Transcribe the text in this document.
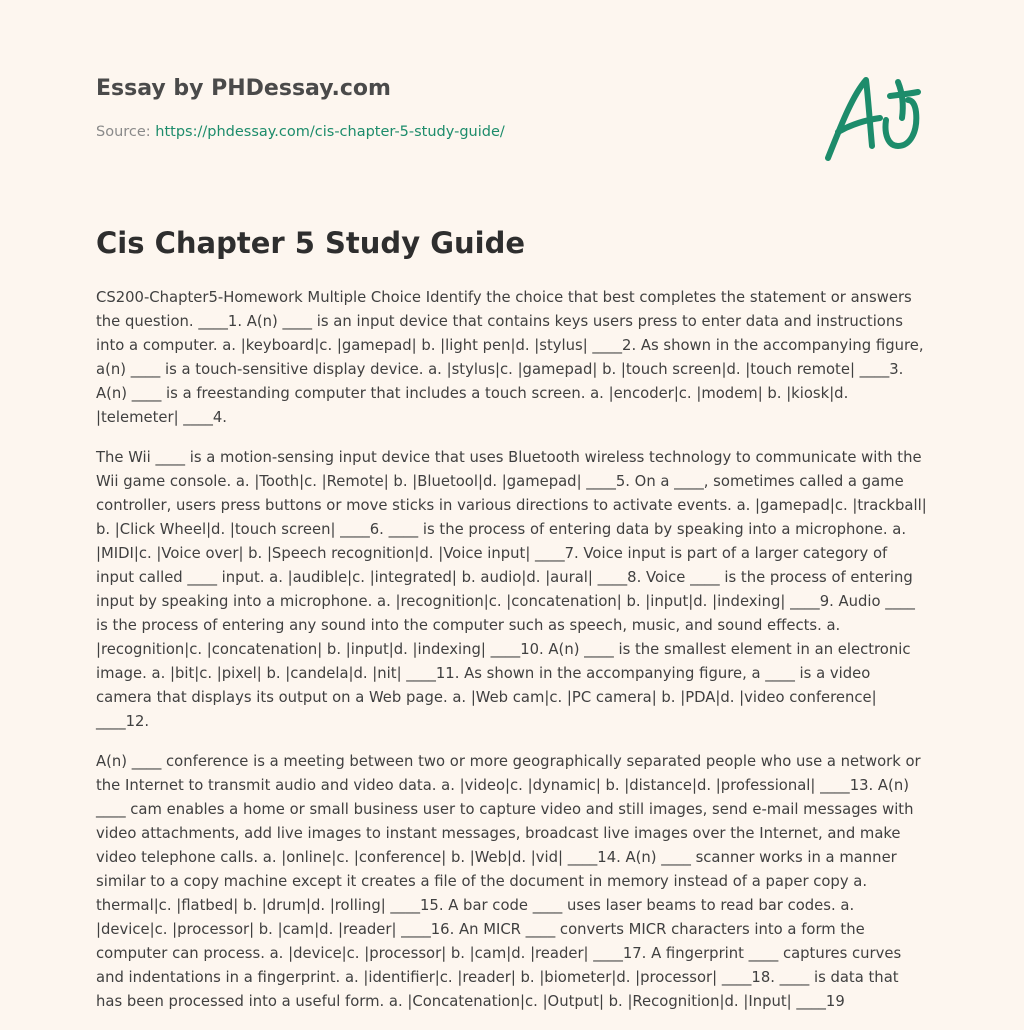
Essay by PHDessay.com
Source: https://phdessay.com/cis-chapter-5-study-guide/
Cis Chapter 5 Study Guide

CS200-Chapter5-Homework Multiple Choice Identify the choice that best completes the statement or answers the question. ____1. A(n) ____ is an input device that contains keys users press to enter data and instructions into a computer. a. |keyboard|c. |gamepad| b. |light pen|d. |stylus| ____2. As shown in the accompanying figure, a(n) ____ is a touch-sensitive display device. a. |stylus|c. |gamepad| b. |touch screen|d. |touch remote| ____3. A(n) ____ is a freestanding computer that includes a touch screen. a. |encoder|c. |modem| b. |kiosk|d. |telemeter| ____4.

The Wii ____ is a motion-sensing input device that uses Bluetooth wireless technology to communicate with the Wii game console. a. |Tooth|c. |Remote| b. |Bluetool|d. |gamepad| ____5. On a ____, sometimes called a game controller, users press buttons or move sticks in various directions to activate events. a. |gamepad|c. |trackball| b. |Click Wheel|d. |touch screen| ____6. ____ is the process of entering data by speaking into a microphone. a. |MIDI|c. |Voice over| b. |Speech recognition|d. |Voice input| ____7. Voice input is part of a larger category of input called ____ input. a. |audible|c. |integrated| b. audio|d. |aural| ____8. Voice ____ is the process of entering input by speaking into a microphone. a. |recognition|c. |concatenation| b. |input|d. |indexing| ____9. Audio ____ is the process of entering any sound into the computer such as speech, music, and sound effects. a. |recognition|c. |concatenation| b. |input|d. |indexing| ____10. A(n) ____ is the smallest element in an electronic image. a. |bit|c. |pixel| b. |candela|d. |nit| ____11. As shown in the accompanying figure, a ____ is a video camera that displays its output on a Web page. a. |Web cam|c. |PC camera| b. |PDA|d. |video conference| ____12.

A(n) ____ conference is a meeting between two or more geographically separated people who use a network or the Internet to transmit audio and video data. a. |video|c. |dynamic| b. |distance|d. |professional| ____13. A(n) ____ cam enables a home or small business user to capture video and still images, send e-mail messages with video attachments, add live images to instant messages, broadcast live images over the Internet, and make video telephone calls. a. |online|c. |conference| b. |Web|d. |vid| ____14. A(n) ____ scanner works in a manner similar to a copy machine except it creates a file of the document in memory instead of a paper copy a. thermal|c. |flatbed| b. |drum|d. |rolling| ____15. A bar code ____ uses laser beams to read bar codes. a. |device|c. |processor| b. |cam|d. |reader| ____16. An MICR ____ converts MICR characters into a form the computer can process. a. |device|c. |processor| b. |cam|d. |reader| ____17. A fingerprint ____ captures curves and indentations in a fingerprint. a. |identifier|c. |reader| b. |biometer|d. |processor| ____18. ____ is data that has been processed into a useful form. a. |Concatenation|c. |Output| b. |Recognition|d. |Input| ____19
